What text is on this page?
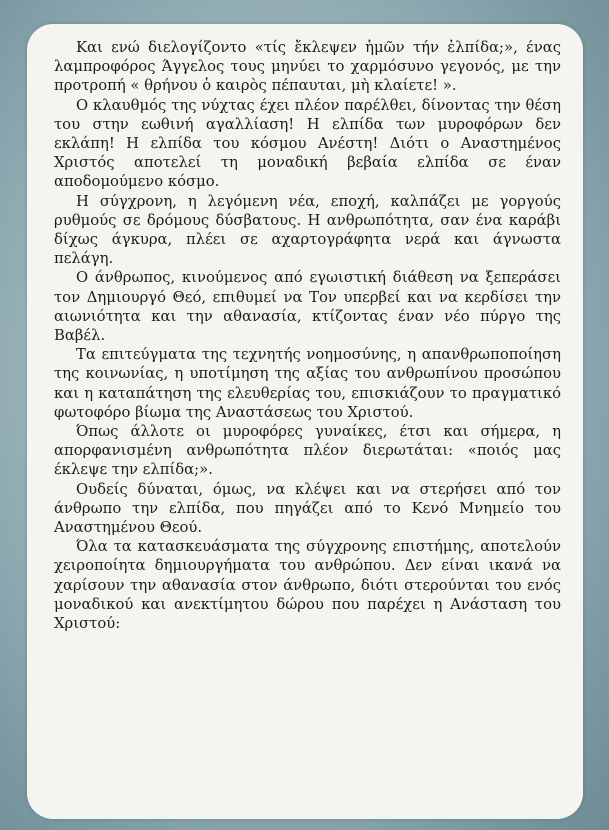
Και ενώ διελογίζοντο «τίς ἔκλεψεν ἡμῶν τήν ἐλπίδα;», ένας λαμπροφόρος Άγγελος τους μηνύει το χαρμόσυνο γεγονός, με την προτροπή « θρήνου ὁ καιρὸς πέπαυται, μὴ κλαίετε! ».

Ο κλαυθμός της νύχτας έχει πλέον παρέλθει, δίνοντας την θέση του στην εωθινή αγαλλίαση! Η ελπίδα των μυροφόρων δεν εκλάπη! Η ελπίδα του κόσμου Ανέστη! Διότι ο Αναστημένος Χριστός αποτελεί τη μοναδική βεβαία ελπίδα σε έναν αποδομούμενο κόσμο.

Η σύγχρονη, η λεγόμενη νέα, εποχή, καλπάζει με γοργούς ρυθμούς σε δρόμους δύσβατους. Η ανθρωπότητα, σαν ένα καράβι δίχως άγκυρα, πλέει σε αχαρτογράφητα νερά και άγνωστα πελάγη.

Ο άνθρωπος, κινούμενος από εγωιστική διάθεση να ξεπεράσει τον Δημιουργό Θεό, επιθυμεί να Τον υπερβεί και να κερδίσει την αιωνιότητα και την αθανασία, κτίζοντας έναν νέο πύργο της Βαβέλ.

Τα επιτεύγματα της τεχνητής νοημοσύνης, η απανθρωποποίηση της κοινωνίας, η υποτίμηση της αξίας του ανθρωπίνου προσώπου και η καταπάτηση της ελευθερίας του, επισκιάζουν το πραγματικό φωτοφόρο βίωμα της Αναστάσεως του Χριστού.

Όπως άλλοτε οι μυροφόρες γυναίκες, έτσι και σήμερα, η απορφανισμένη ανθρωπότητα πλέον διερωτάται: «ποιός μας έκλεψε την ελπίδα;».

Ουδείς δύναται, όμως, να κλέψει και να στερήσει από τον άνθρωπο την ελπίδα, που πηγάζει από το Κενό Μνημείο του Αναστημένου Θεού.

Όλα τα κατασκευάσματα της σύγχρονης επιστήμης, αποτελούν χειροποίητα δημιουργήματα του ανθρώπου. Δεν είναι ικανά να χαρίσουν την αθανασία στον άνθρωπο, διότι στερούνται του ενός μοναδικού και ανεκτίμητου δώρου που παρέχει η Ανάσταση του Χριστού:
